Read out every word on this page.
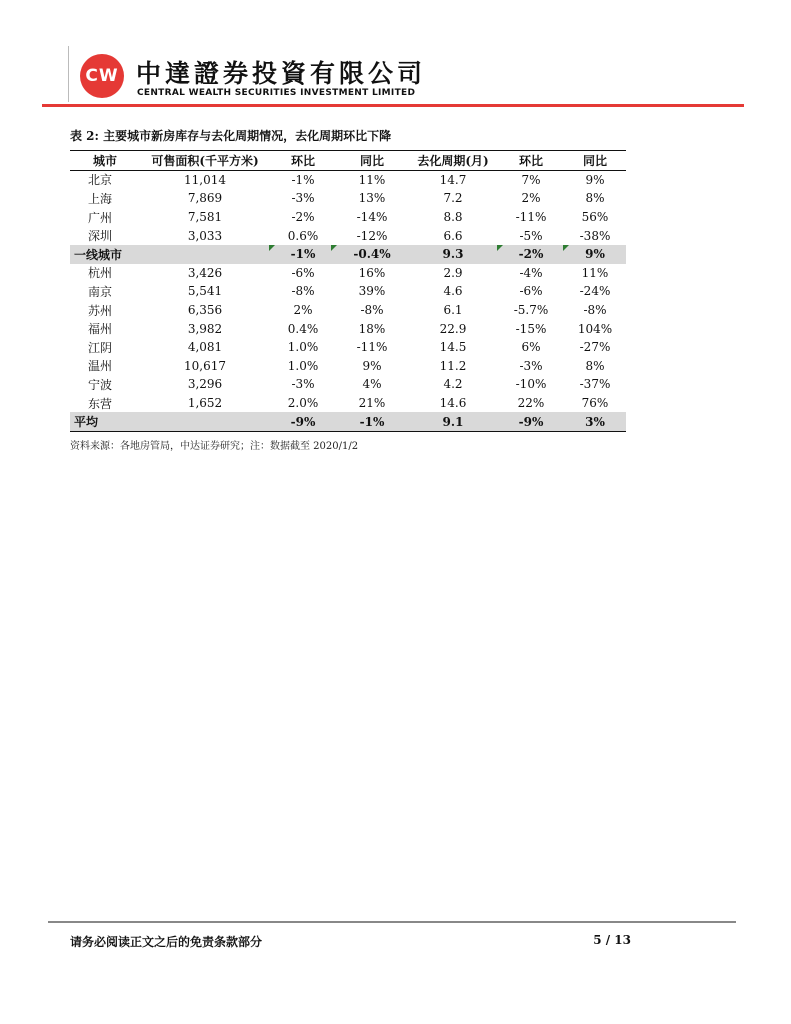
CW 中達證券投資有限公司
CENTRAL WEALTH SECURITIES INVESTMENT LIMITED
表 2: 主要城市新房库存与去化周期情况，去化周期环比下降
城市	可售面积(千平方米)	环比	同比	去化周期(月)	环比	同比
北京	11,014	-1%	11%	14.7	7%	9%
上海	7,869	-3%	13%	7.2	2%	8%
广州	7,581	-2%	-14%	8.8	-11%	56%
深圳	3,033	0.6%	-12%	6.6	-5%	-38%
一线城市		-1%	-0.4%	9.3	-2%	9%
杭州	3,426	-6%	16%	2.9	-4%	11%
南京	5,541	-8%	39%	4.6	-6%	-24%
苏州	6,356	2%	-8%	6.1	-5.7%	-8%
福州	3,982	0.4%	18%	22.9	-15%	104%
江阴	4,081	1.0%	-11%	14.5	6%	-27%
温州	10,617	1.0%	9%	11.2	-3%	8%
宁波	3,296	-3%	4%	4.2	-10%	-37%
东营	1,652	2.0%	21%	14.6	22%	76%
平均		-9%	-1%	9.1	-9%	3%
资料来源：各地房管局，中达证券研究；注：数据截至 2020/1/2
请务必阅读正文之后的免责条款部分	5 / 13
